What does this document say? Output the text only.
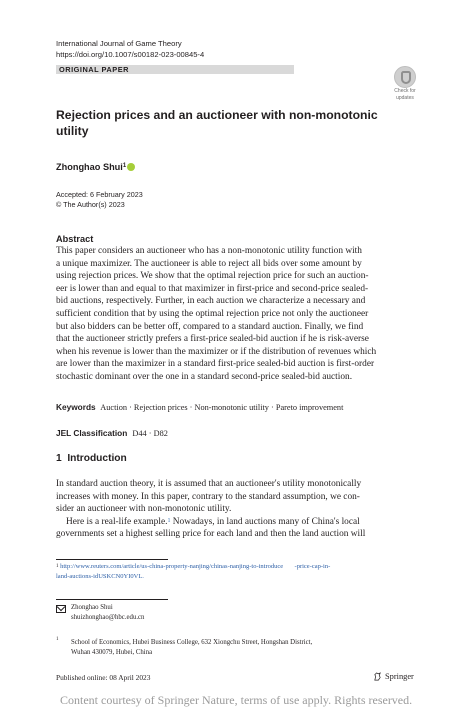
International Journal of Game Theory
https://doi.org/10.1007/s00182-023-00845-4
ORIGINAL PAPER
Check for
updates
Rejection prices and an auctioneer with non-monotonic
utility
Zhonghao Shui$^1$
Accepted: 6 February 2023
© The Author(s) 2023
Abstract
This paper considers an auctioneer who has a non-monotonic utility function with
a unique maximizer. The auctioneer is able to reject all bids over some amount by
using rejection prices. We show that the optimal rejection price for such an auction-
eer is lower than and equal to that maximizer in first-price and second-price sealed-
bid auctions, respectively. Further, in each auction we characterize a necessary and
sufficient condition that by using the optimal rejection price not only the auctioneer
but also bidders can be better off, compared to a standard auction. Finally, we find
that the auctioneer strictly prefers a first-price sealed-bid auction if he is risk-averse
when his revenue is lower than the maximizer or if the distribution of revenues which
are lower than the maximizer in a standard first-price sealed-bid auction is first-order
stochastic dominant over the one in a standard second-price sealed-bid auction.
Keywords Auction · Rejection prices · Non-monotonic utility · Pareto improvement
JEL Classification D44 · D82
1  Introduction

In standard auction theory, it is assumed that an auctioneer's utility monotonically

increases with money. In this paper, contrary to the standard assumption, we con-

sider an auctioneer with non-monotonic utility.

Here is a real-life example.$^1$ Nowadays, in land auctions many of China's local

governments set a highest selling price for each land and then the land auction will

$^1$ http://www.reuters.com/article/us-china-property-nanjing/chinas-nanjing-to-introduce       -price-cap-in-
land-auctions-idUSKCN0YI0VL.
Zhonghao Shui
shuizhonghao@hbc.edu.cn
1 School of Economics, Hubei Business College, 632 Xiongchu Street, Hongshan District,
Wuhan 430079, Hubei, China
Published online: 08 April 2023	Springer
Content courtesy of Springer Nature, terms of use apply. Rights reserved.
